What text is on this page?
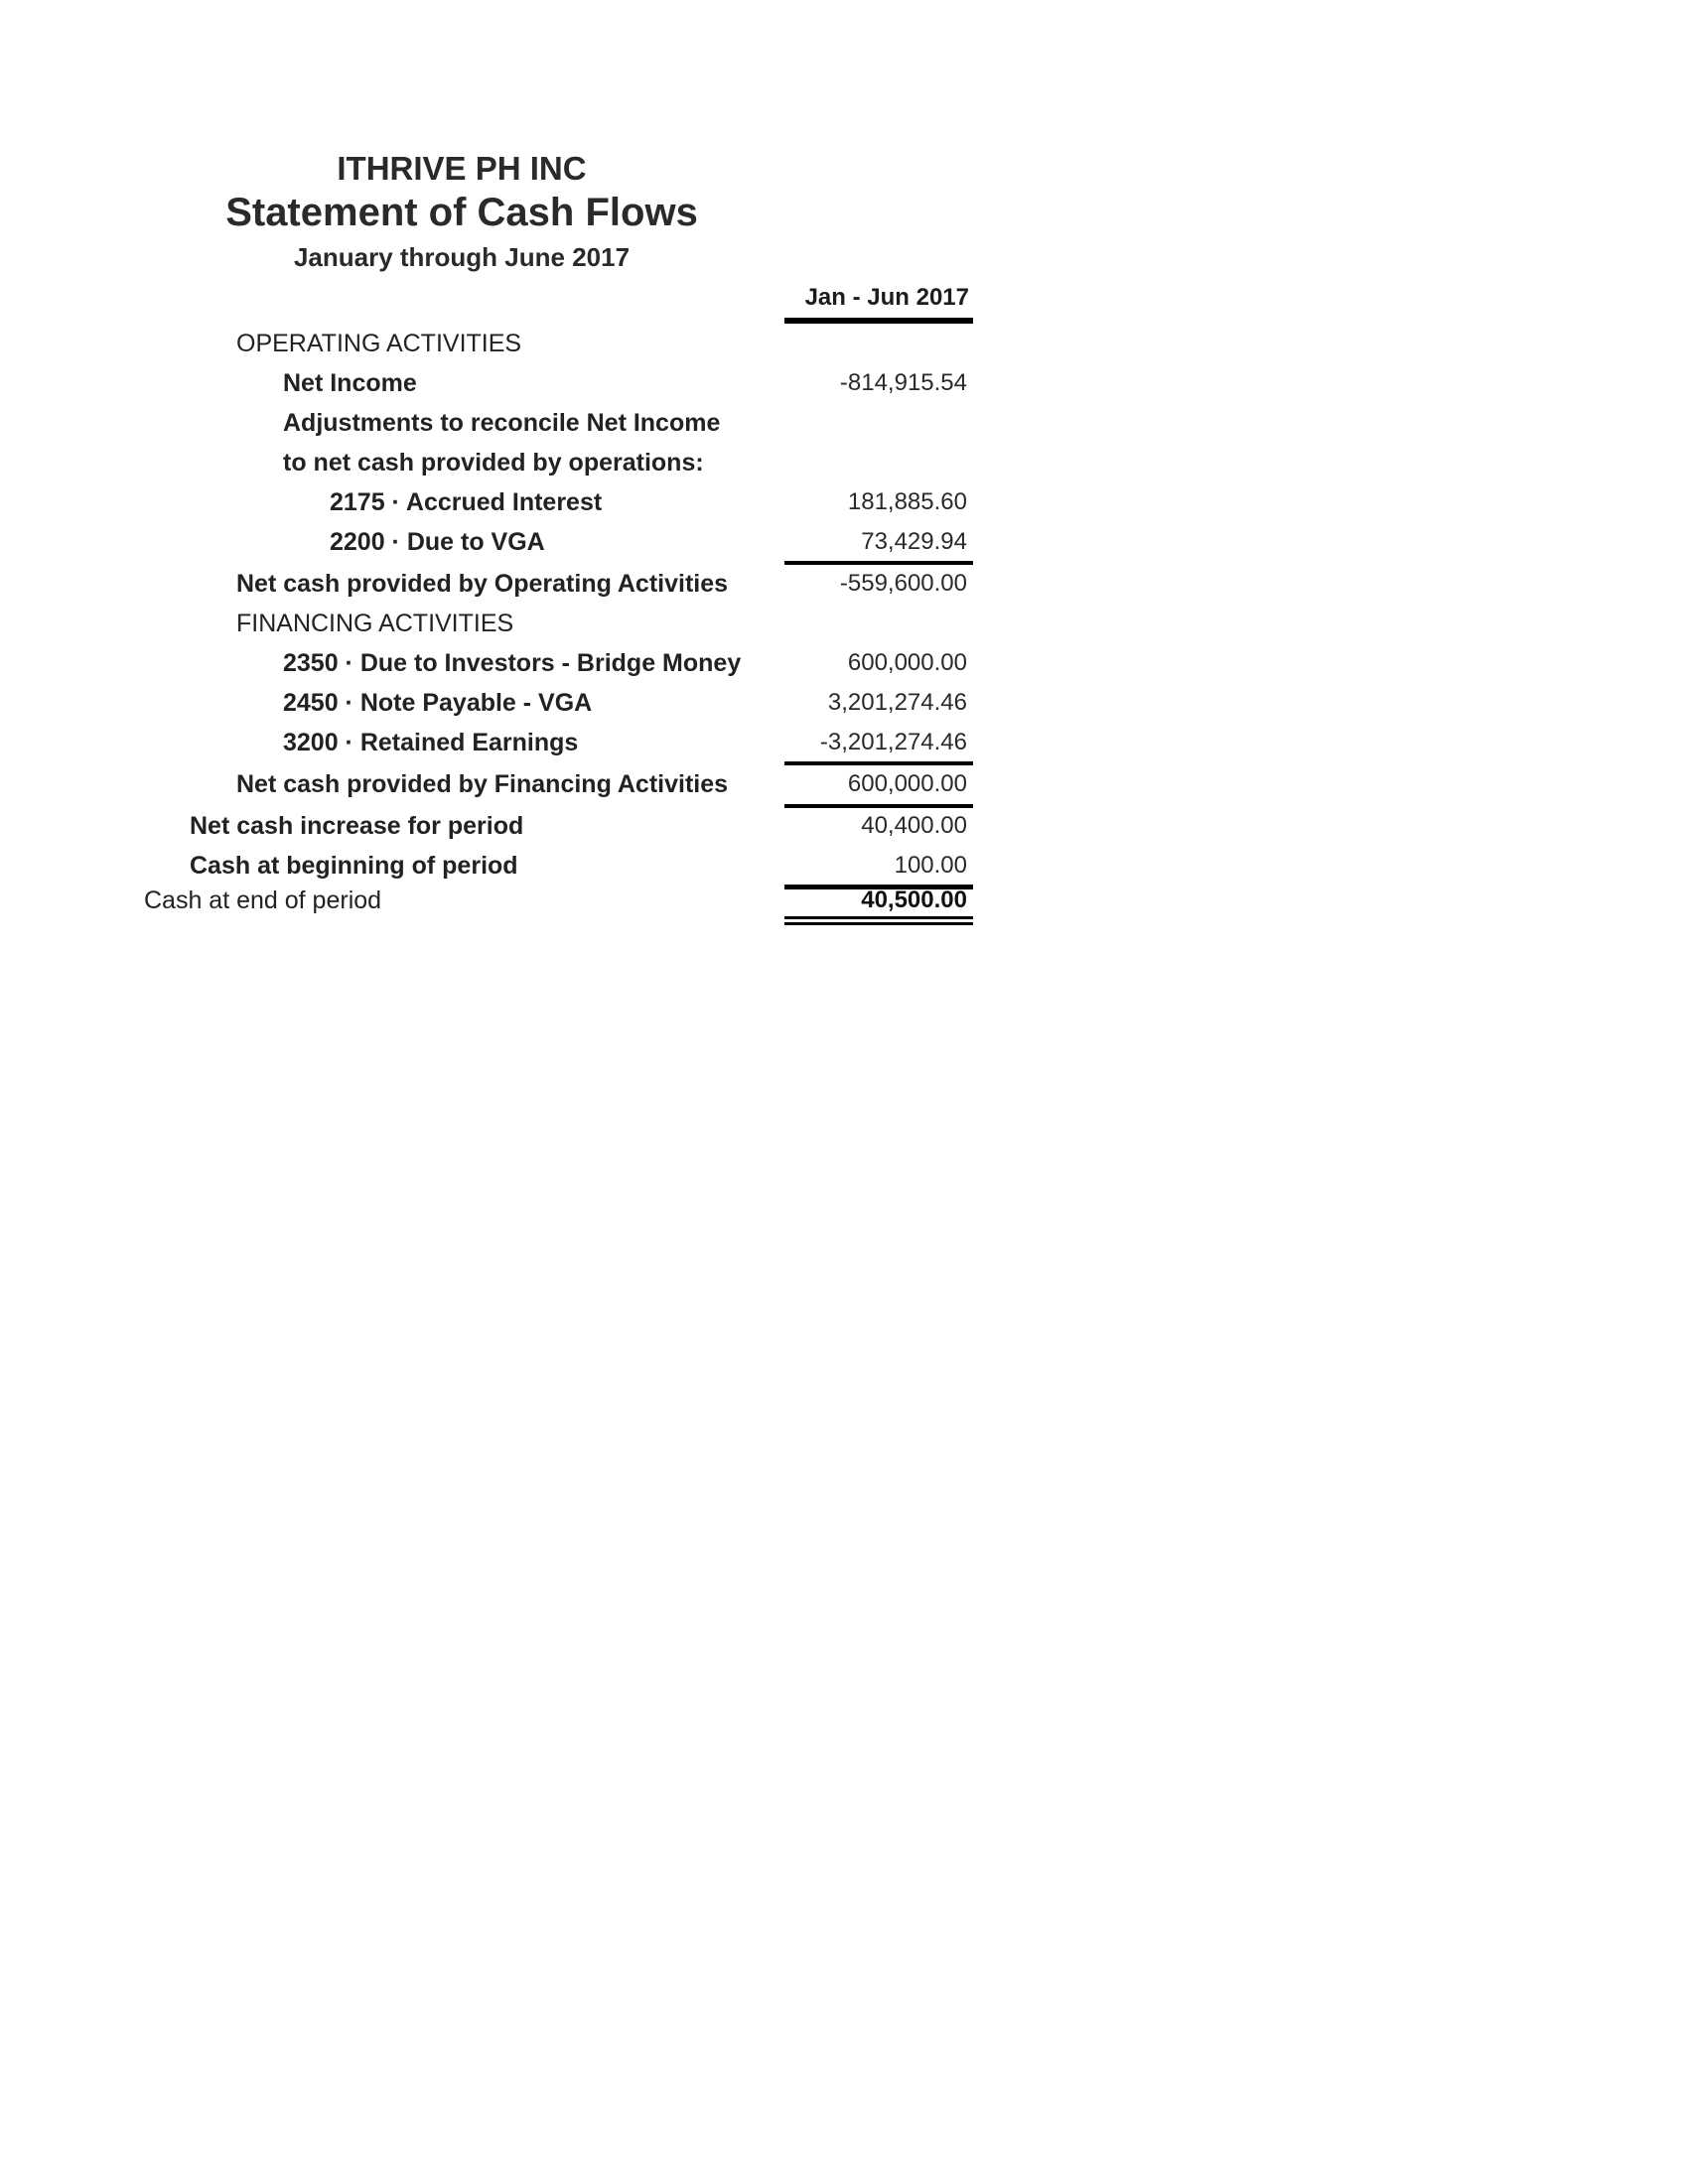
ITHRIVE PH INC
Statement of Cash Flows
January through June 2017
Jan - Jun 2017
OPERATING ACTIVITIES
Net Income	-814,915.54
Adjustments to reconcile Net Income
to net cash provided by operations:
2175 · Accrued Interest	181,885.60
2200 · Due to VGA	73,429.94
Net cash provided by Operating Activities	-559,600.00
FINANCING ACTIVITIES
2350 · Due to Investors - Bridge Money	600,000.00
2450 · Note Payable - VGA	3,201,274.46
3200 · Retained Earnings	-3,201,274.46
Net cash provided by Financing Activities	600,000.00
Net cash increase for period	40,400.00
Cash at beginning of period	100.00
Cash at end of period	40,500.00
